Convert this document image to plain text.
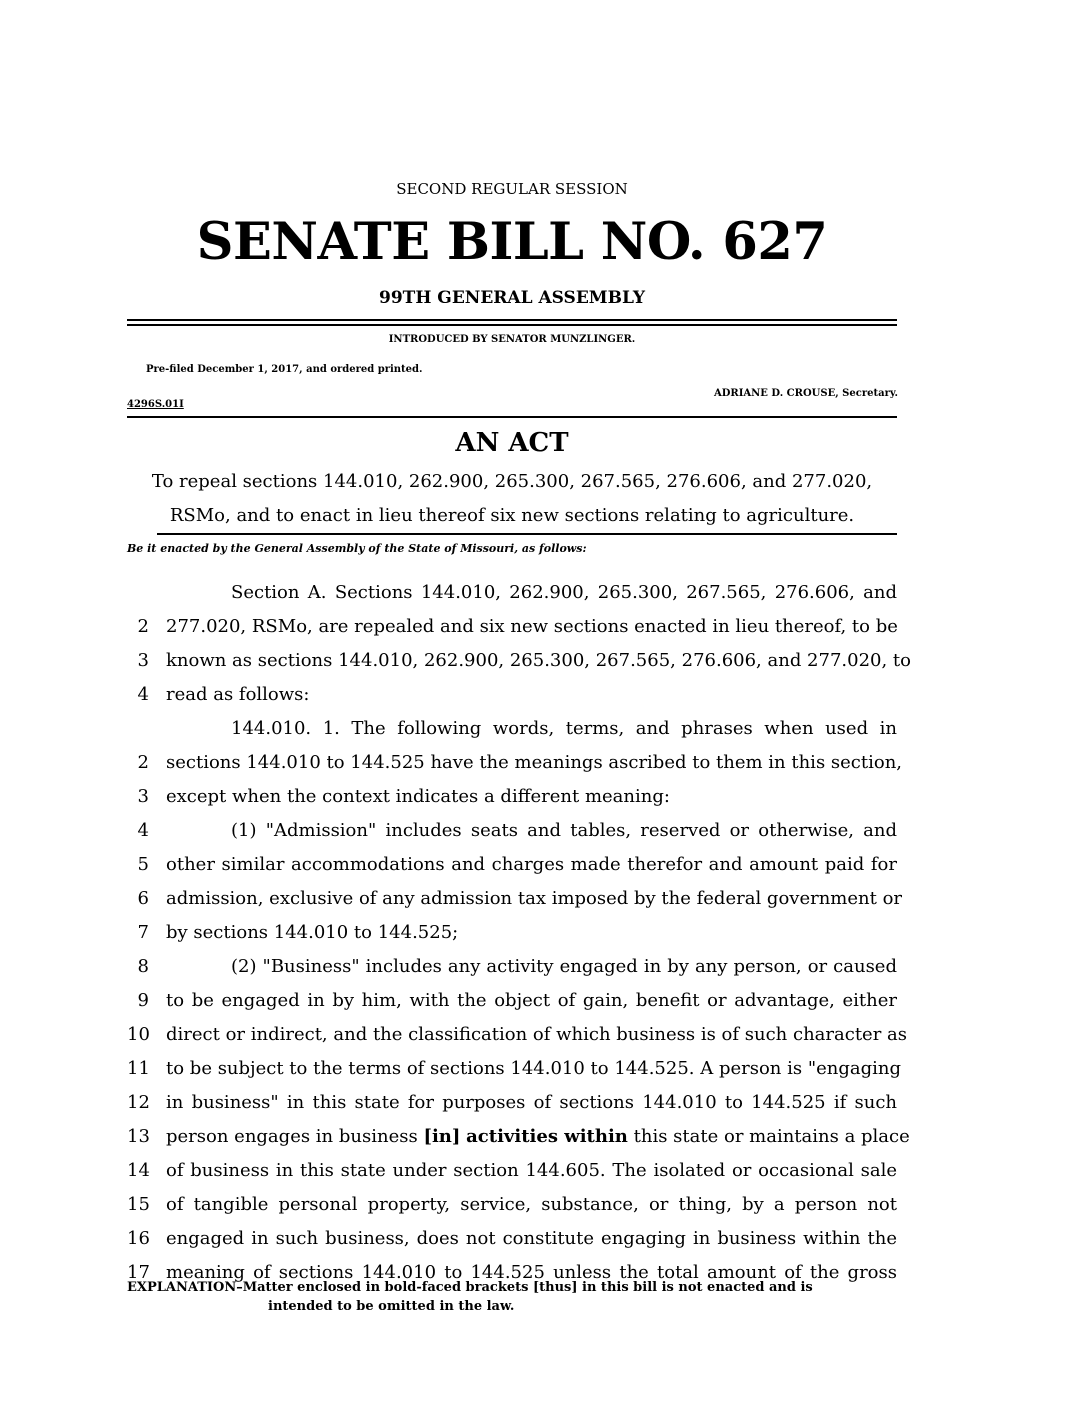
SECOND REGULAR SESSION
SENATE BILL NO. 627
99TH GENERAL ASSEMBLY
INTRODUCED BY SENATOR MUNZLINGER.
Pre-filed December 1, 2017, and ordered printed.
ADRIANE D. CROUSE, Secretary.
4296S.01I
AN ACT
To repeal sections 144.010, 262.900, 265.300, 267.565, 276.606, and 277.020, RSMo, and to enact in lieu thereof six new sections relating to agriculture.
Be it enacted by the General Assembly of the State of Missouri, as follows:
Section A. Sections 144.010, 262.900, 265.300, 267.565, 276.606, and
2 277.020, RSMo, are repealed and six new sections enacted in lieu thereof, to be
3 known as sections 144.010, 262.900, 265.300, 267.565, 276.606, and 277.020, to
4 read as follows:
144.010. 1. The following words, terms, and phrases when used in
2 sections 144.010 to 144.525 have the meanings ascribed to them in this section,
3 except when the context indicates a different meaning:
4	(1) "Admission" includes seats and tables, reserved or otherwise, and
5 other similar accommodations and charges made therefor and amount paid for
6 admission, exclusive of any admission tax imposed by the federal government or
7 by sections 144.010 to 144.525;
8	(2) "Business" includes any activity engaged in by any person, or caused
9 to be engaged in by him, with the object of gain, benefit or advantage, either
10 direct or indirect, and the classification of which business is of such character as
11 to be subject to the terms of sections 144.010 to 144.525. A person is "engaging
12 in business" in this state for purposes of sections 144.010 to 144.525 if such
13 person engages in business [in] activities within this state or maintains a place
14 of business in this state under section 144.605. The isolated or occasional sale
15 of tangible personal property, service, substance, or thing, by a person not
16 engaged in such business, does not constitute engaging in business within the
17 meaning of sections 144.010 to 144.525 unless the total amount of the gross
EXPLANATION–Matter enclosed in bold-faced brackets [thus] in this bill is not enacted and is
intended to be omitted in the law.
